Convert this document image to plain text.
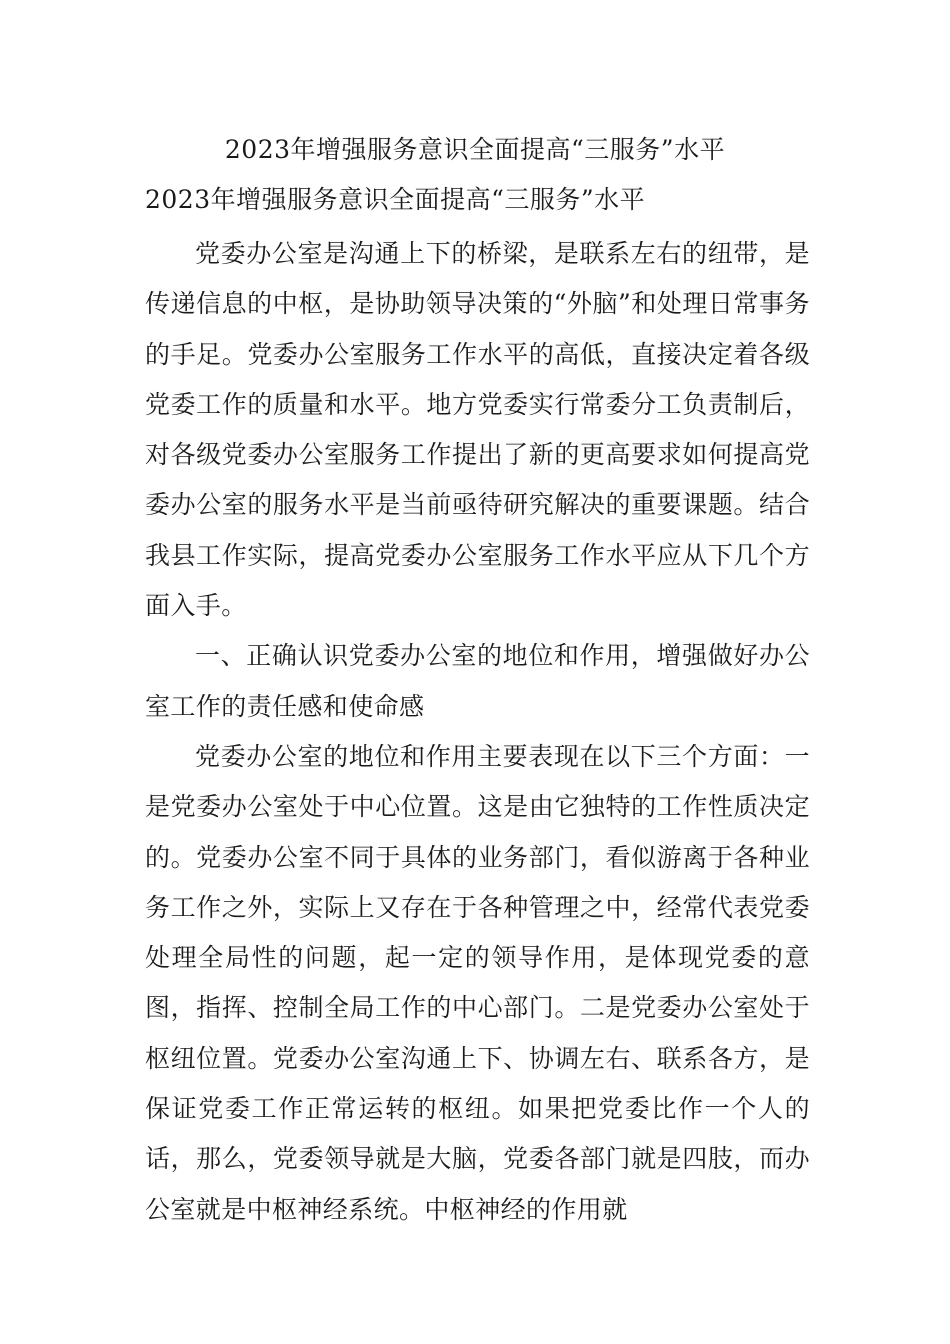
2023年增强服务意识全面提高“三服务”水平
2023年增强服务意识全面提高“三服务”水平

党委办公室是沟通上下的桥梁，是联系左右的纽带，是传递信息的中枢，是协助领导决策的“外脑”和处理日常事务的手足。党委办公室服务工作水平的高低，直接决定着各级党委工作的质量和水平。地方党委实行常委分工负责制后，对各级党委办公室服务工作提出了新的更高要求如何提高党委办公室的服务水平是当前亟待研究解决的重要课题。结合我县工作实际，提高党委办公室服务工作水平应从下几个方面入手。

一、正确认识党委办公室的地位和作用，增强做好办公室工作的责任感和使命感

党委办公室的地位和作用主要表现在以下三个方面：一是党委办公室处于中心位置。这是由它独特的工作性质决定的。党委办公室不同于具体的业务部门，看似游离于各种业务工作之外，实际上又存在于各种管理之中，经常代表党委处理全局性的问题，起一定的领导作用，是体现党委的意图，指挥、控制全局工作的中心部门。二是党委办公室处于枢纽位置。党委办公室沟通上下、协调左右、联系各方，是保证党委工作正常运转的枢纽。如果把党委比作一个人的话，那么，党委领导就是大脑，党委各部门就是四肢，而办公室就是中枢神经系统。中枢神经的作用就
